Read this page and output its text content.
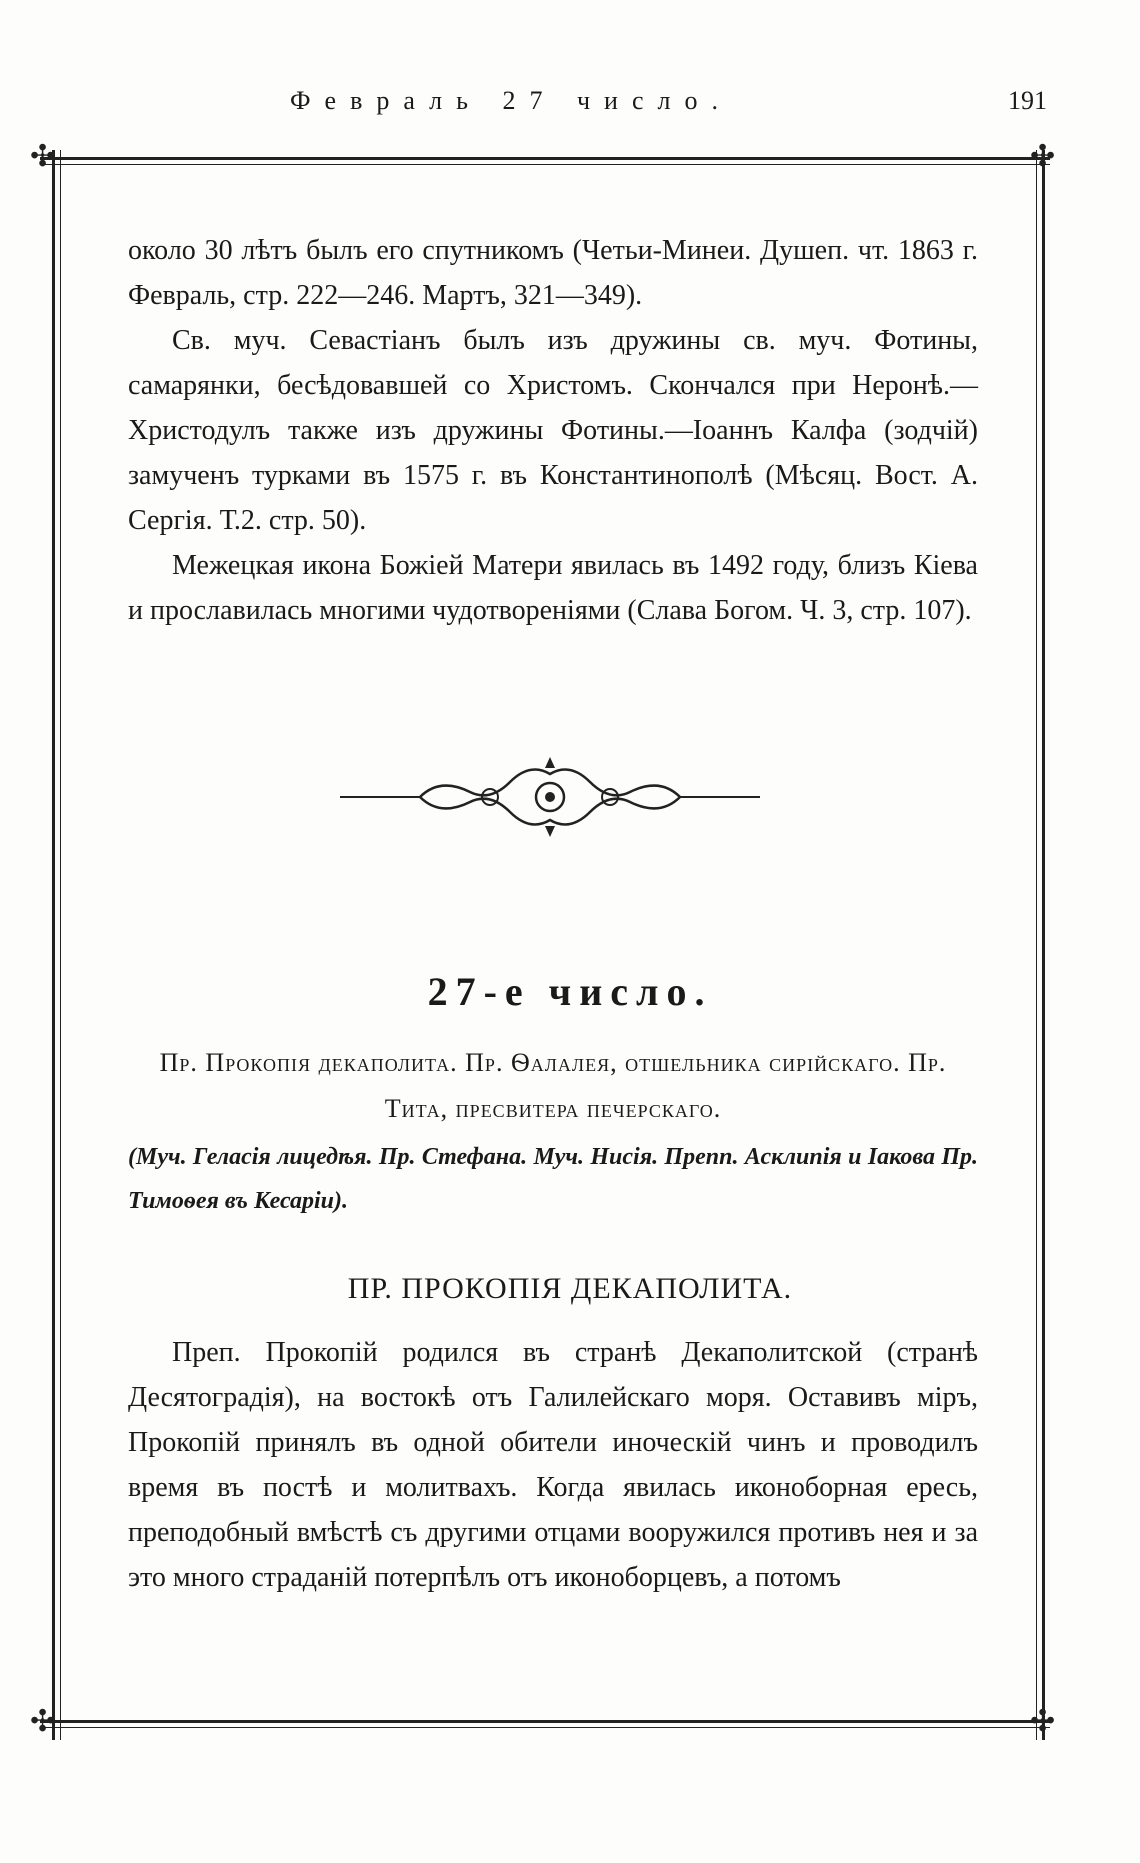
Февраль 27 число.	191
✣	✣
✣	✣

около 30 лѣтъ былъ его спутникомъ (Четьи-Минеи. Душеп. чт. 1863 г. Февраль, стр. 222—246. Мартъ, 321—349).

Св. муч. Севастіанъ былъ изъ дружины св. муч. Фотины, самарянки, бесѣдовавшей со Христомъ. Скончался при Неронѣ.—Христодулъ также изъ дружины Фотины.—Іоаннъ Калфа (зодчій) замученъ турками въ 1575 г. въ Константинополѣ (Мѣсяц. Вост. А. Сергія. Т.2. стр. 50).

Межецкая икона Божіей Матери явилась въ 1492 году, близъ Кіева и прославилась многими чудотвореніями (Слава Богом. Ч. 3, стр. 107).

27-е число.
Пр. Прокопія декаполита. Пр. Ѳалалея, отшельника сирійскаго. Пр. Тита, пресвитера печерскаго.
(Муч. Геласія лицедѣя. Пр. Стефана. Муч. Нисія. Препп. Асклипія и Іакова Пр. Тимоѳея въ Кесаріи).
ПР. ПРОКОПІЯ ДЕКАПОЛИТА.

Преп. Прокопій родился въ странѣ Декаполитской (странѣ Десятоградія), на востокѣ отъ Галилейскаго моря. Оставивъ міръ, Прокопій принялъ въ одной обители иноческій чинъ и проводилъ время въ постѣ и молитвахъ. Когда явилась иконоборная ересь, преподобный вмѣстѣ съ другими отцами вооружился противъ нея и за это много страданій потерпѣлъ отъ иконоборцевъ, а потомъ
